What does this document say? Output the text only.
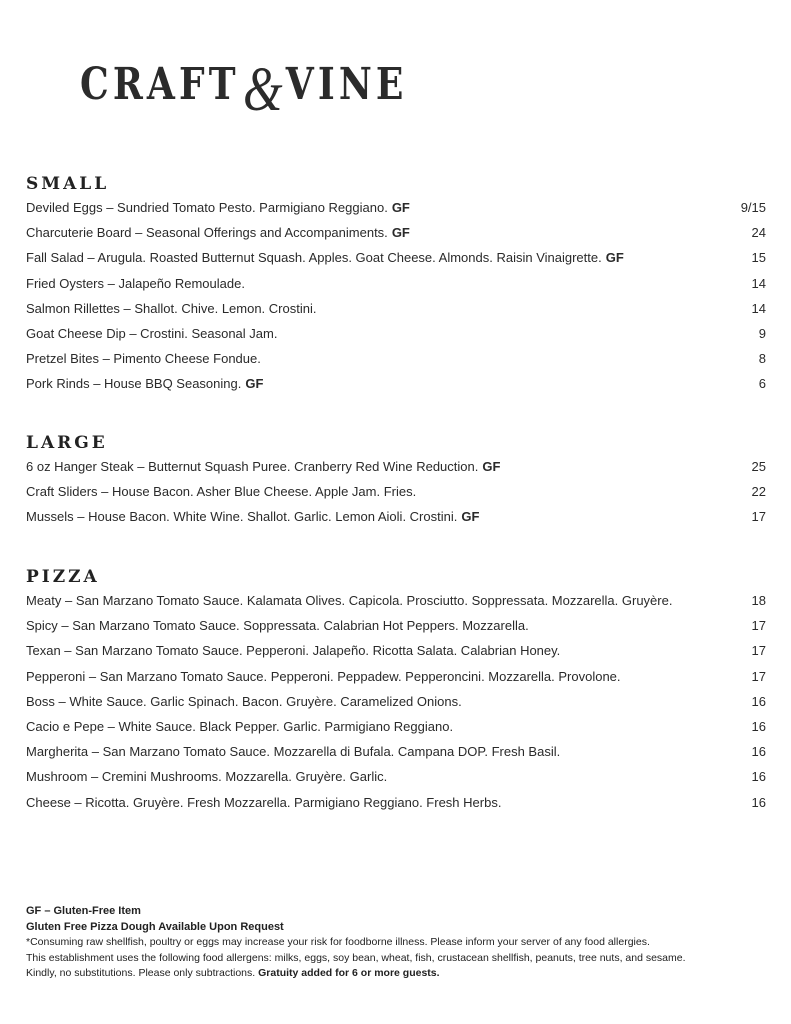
CRAFT & VINE
SMALL
Deviled Eggs – Sundried Tomato Pesto. Parmigiano Reggiano. GF	9/15
Charcuterie Board – Seasonal Offerings and Accompaniments. GF	24
Fall Salad – Arugula. Roasted Butternut Squash. Apples. Goat Cheese. Almonds. Raisin Vinaigrette. GF	15
Fried Oysters – Jalapeño Remoulade.	14
Salmon Rillettes – Shallot. Chive. Lemon. Crostini.	14
Goat Cheese Dip – Crostini. Seasonal Jam.	9
Pretzel Bites – Pimento Cheese Fondue.	8
Pork Rinds – House BBQ Seasoning. GF	6
LARGE
6 oz Hanger Steak – Butternut Squash Puree. Cranberry Red Wine Reduction. GF	25
Craft Sliders – House Bacon. Asher Blue Cheese. Apple Jam. Fries.	22
Mussels – House Bacon. White Wine. Shallot. Garlic. Lemon Aioli. Crostini. GF	17
PIZZA
Meaty – San Marzano Tomato Sauce. Kalamata Olives. Capicola. Prosciutto. Soppressata. Mozzarella. Gruyère.	18
Spicy – San Marzano Tomato Sauce. Soppressata. Calabrian Hot Peppers. Mozzarella.	17
Texan – San Marzano Tomato Sauce. Pepperoni. Jalapeño. Ricotta Salata. Calabrian Honey.	17
Pepperoni – San Marzano Tomato Sauce. Pepperoni. Peppadew. Pepperoncini. Mozzarella. Provolone.	17
Boss – White Sauce. Garlic Spinach. Bacon. Gruyère. Caramelized Onions.	16
Cacio e Pepe – White Sauce. Black Pepper. Garlic. Parmigiano Reggiano.	16
Margherita – San Marzano Tomato Sauce. Mozzarella di Bufala. Campana DOP. Fresh Basil.	16
Mushroom – Cremini Mushrooms. Mozzarella. Gruyère. Garlic.	16
Cheese – Ricotta. Gruyère. Fresh Mozzarella. Parmigiano Reggiano. Fresh Herbs.	16
GF – Gluten-Free Item
Gluten Free Pizza Dough Available Upon Request
*Consuming raw shellfish, poultry or eggs may increase your risk for foodborne illness. Please inform your server of any food allergies.
This establishment uses the following food allergens: milks, eggs, soy bean, wheat, fish, crustacean shellfish, peanuts, tree nuts, and sesame.
Kindly, no substitutions. Please only subtractions. Gratuity added for 6 or more guests.
